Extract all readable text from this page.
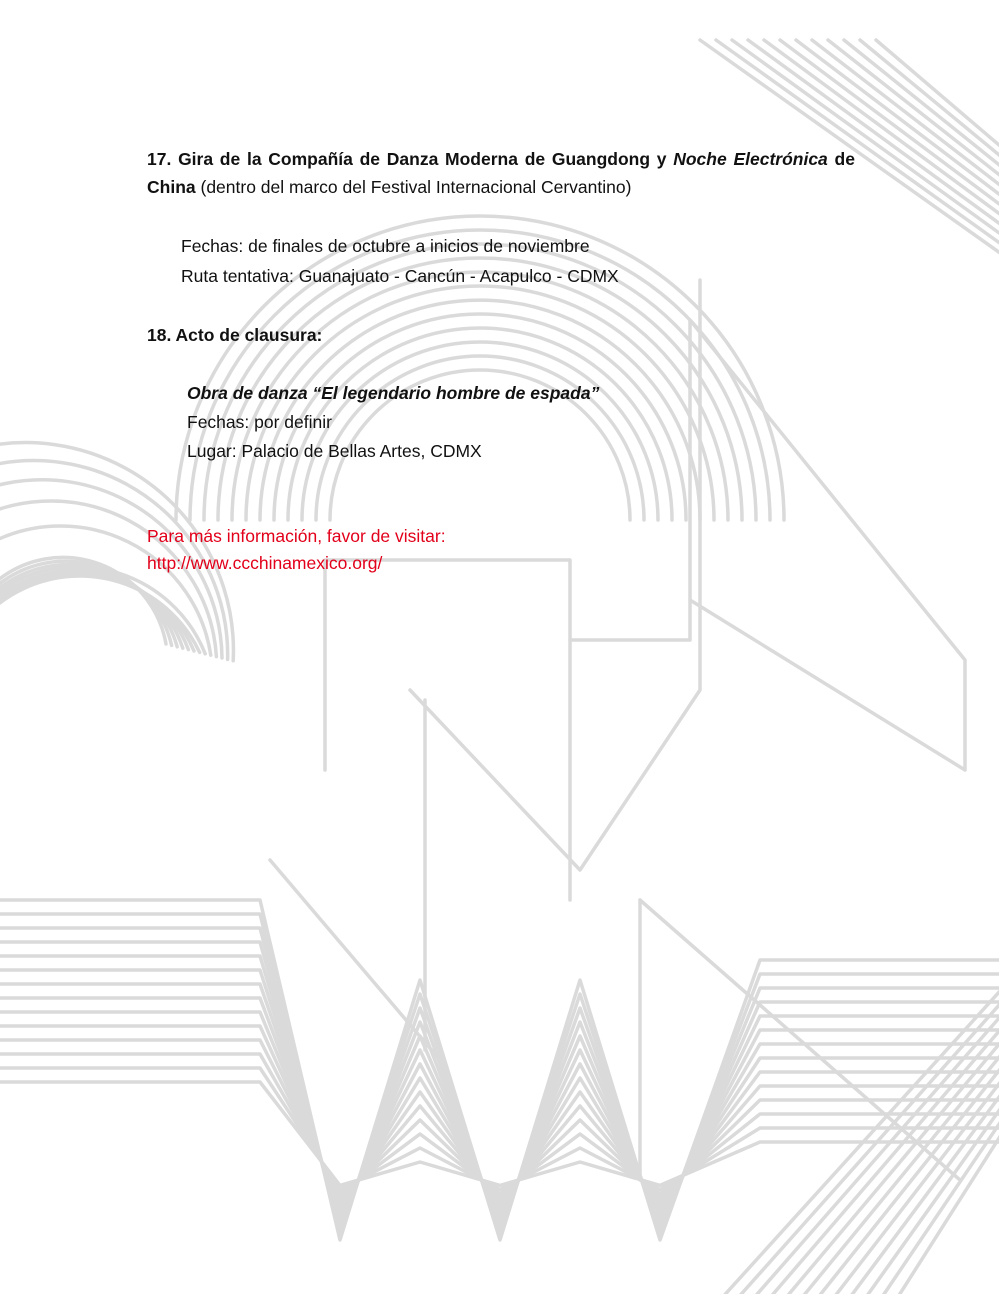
17. Gira de la Compañía de Danza Moderna de Guangdong y Noche Electrónica de China (dentro del marco del Festival Internacional Cervantino)
Fechas: de finales de octubre a inicios de noviembre
Ruta tentativa: Guanajuato - Cancún - Acapulco - CDMX
18. Acto de clausura:
Obra de danza “El legendario hombre de espada”
Fechas: por definir
Lugar: Palacio de Bellas Artes, CDMX
Para más información, favor de visitar:
http://www.ccchinamexico.org/
